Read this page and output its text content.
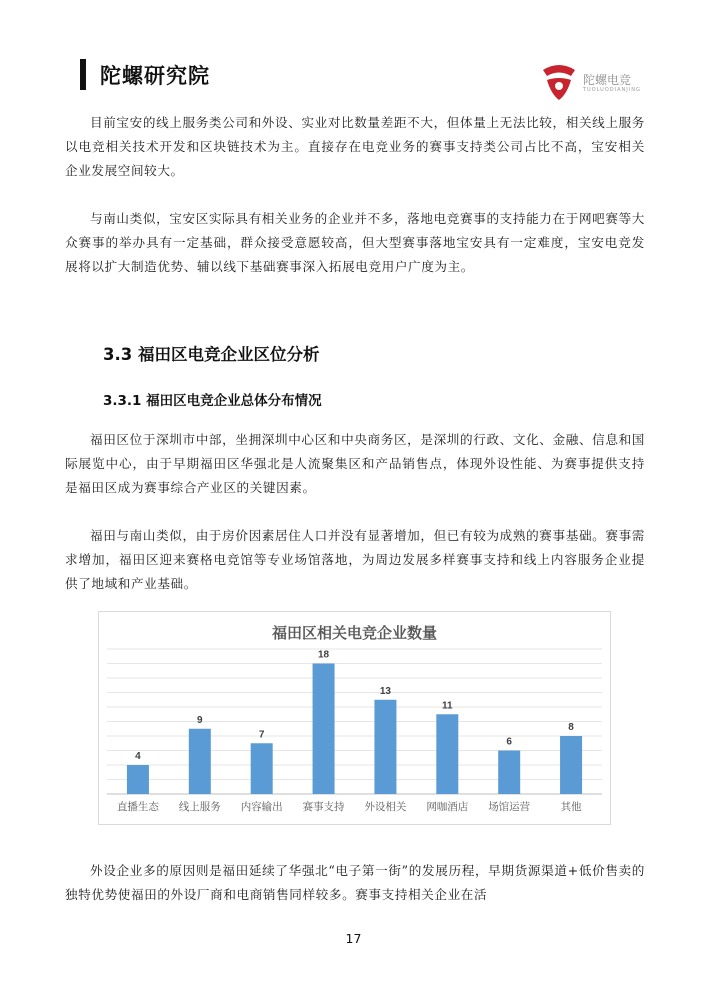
陀螺研究院	陀螺电竞
TUOLUODIANJING

目前宝安的线上服务类公司和外设、实业对比数量差距不大，但体量上无法比较，相关线上服务以电竞相关技术开发和区块链技术为主。直接存在电竞业务的赛事支持类公司占比不高，宝安相关企业发展空间较大。

与南山类似，宝安区实际具有相关业务的企业并不多，落地电竞赛事的支持能力在于网吧赛等大众赛事的举办具有一定基础，群众接受意愿较高，但大型赛事落地宝安具有一定难度，宝安电竞发展将以扩大制造优势、辅以线下基础赛事深入拓展电竞用户广度为主。

3.3 福田区电竞企业区位分析
3.3.1 福田区电竞企业总体分布情况

福田区位于深圳市中部，坐拥深圳中心区和中央商务区，是深圳的行政、文化、金融、信息和国际展览中心，由于早期福田区华强北是人流聚集区和产品销售点，体现外设性能、为赛事提供支持是福田区成为赛事综合产业区的关键因素。

福田与南山类似，由于房价因素居住人口并没有显著增加，但已有较为成熟的赛事基础。赛事需求增加，福田区迎来赛格电竞馆等专业场馆落地，为周边发展多样赛事支持和线上内容服务企业提供了地域和产业基础。

福田区相关电竞企业数量
4
直播生态
9
线上服务
7
内容输出
18
赛事支持
13
外设相关
11
网咖酒店
6
场馆运营
8
其他

外设企业多的原因则是福田延续了华强北“电子第一街”的发展历程，早期货源渠道+低价售卖的独特优势使福田的外设厂商和电商销售同样较多。赛事支持相关企业在活

17
